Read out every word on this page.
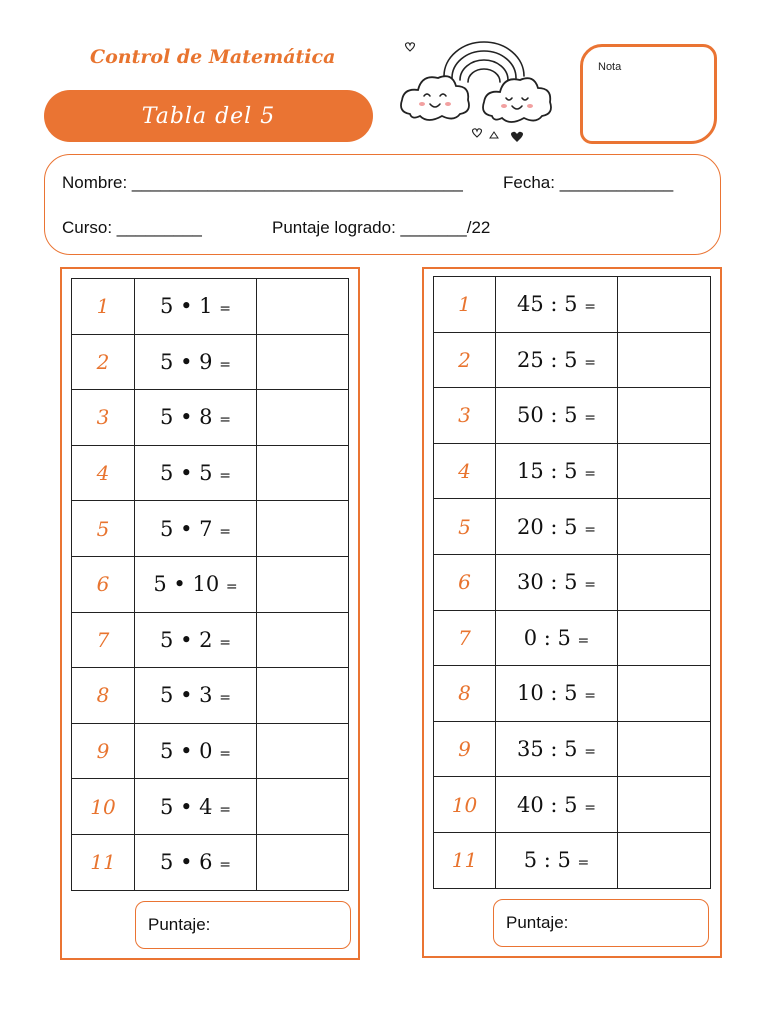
Control de Matemática
Tabla del 5
Nota
Nombre: ___________________________________ Fecha: ____________
Curso: _________	Puntaje logrado: _______/22
1	5 • 1 =	
2	5 • 9 =	
3	5 • 8 =	
4	5 • 5 =	
5	5 • 7 =	
6	5 • 10 =	
7	5 • 2 =	
8	5 • 3 =	
9	5 • 0 =	
10	5 • 4 =	
11	5 • 6 =	
Puntaje:
1	45 : 5 =	
2	25 : 5 =	
3	50 : 5 =	
4	15 : 5 =	
5	20 : 5 =	
6	30 : 5 =	
7	0 : 5 =	
8	10 : 5 =	
9	35 : 5 =	
10	40 : 5 =	
11	5 : 5 =	
Puntaje:
